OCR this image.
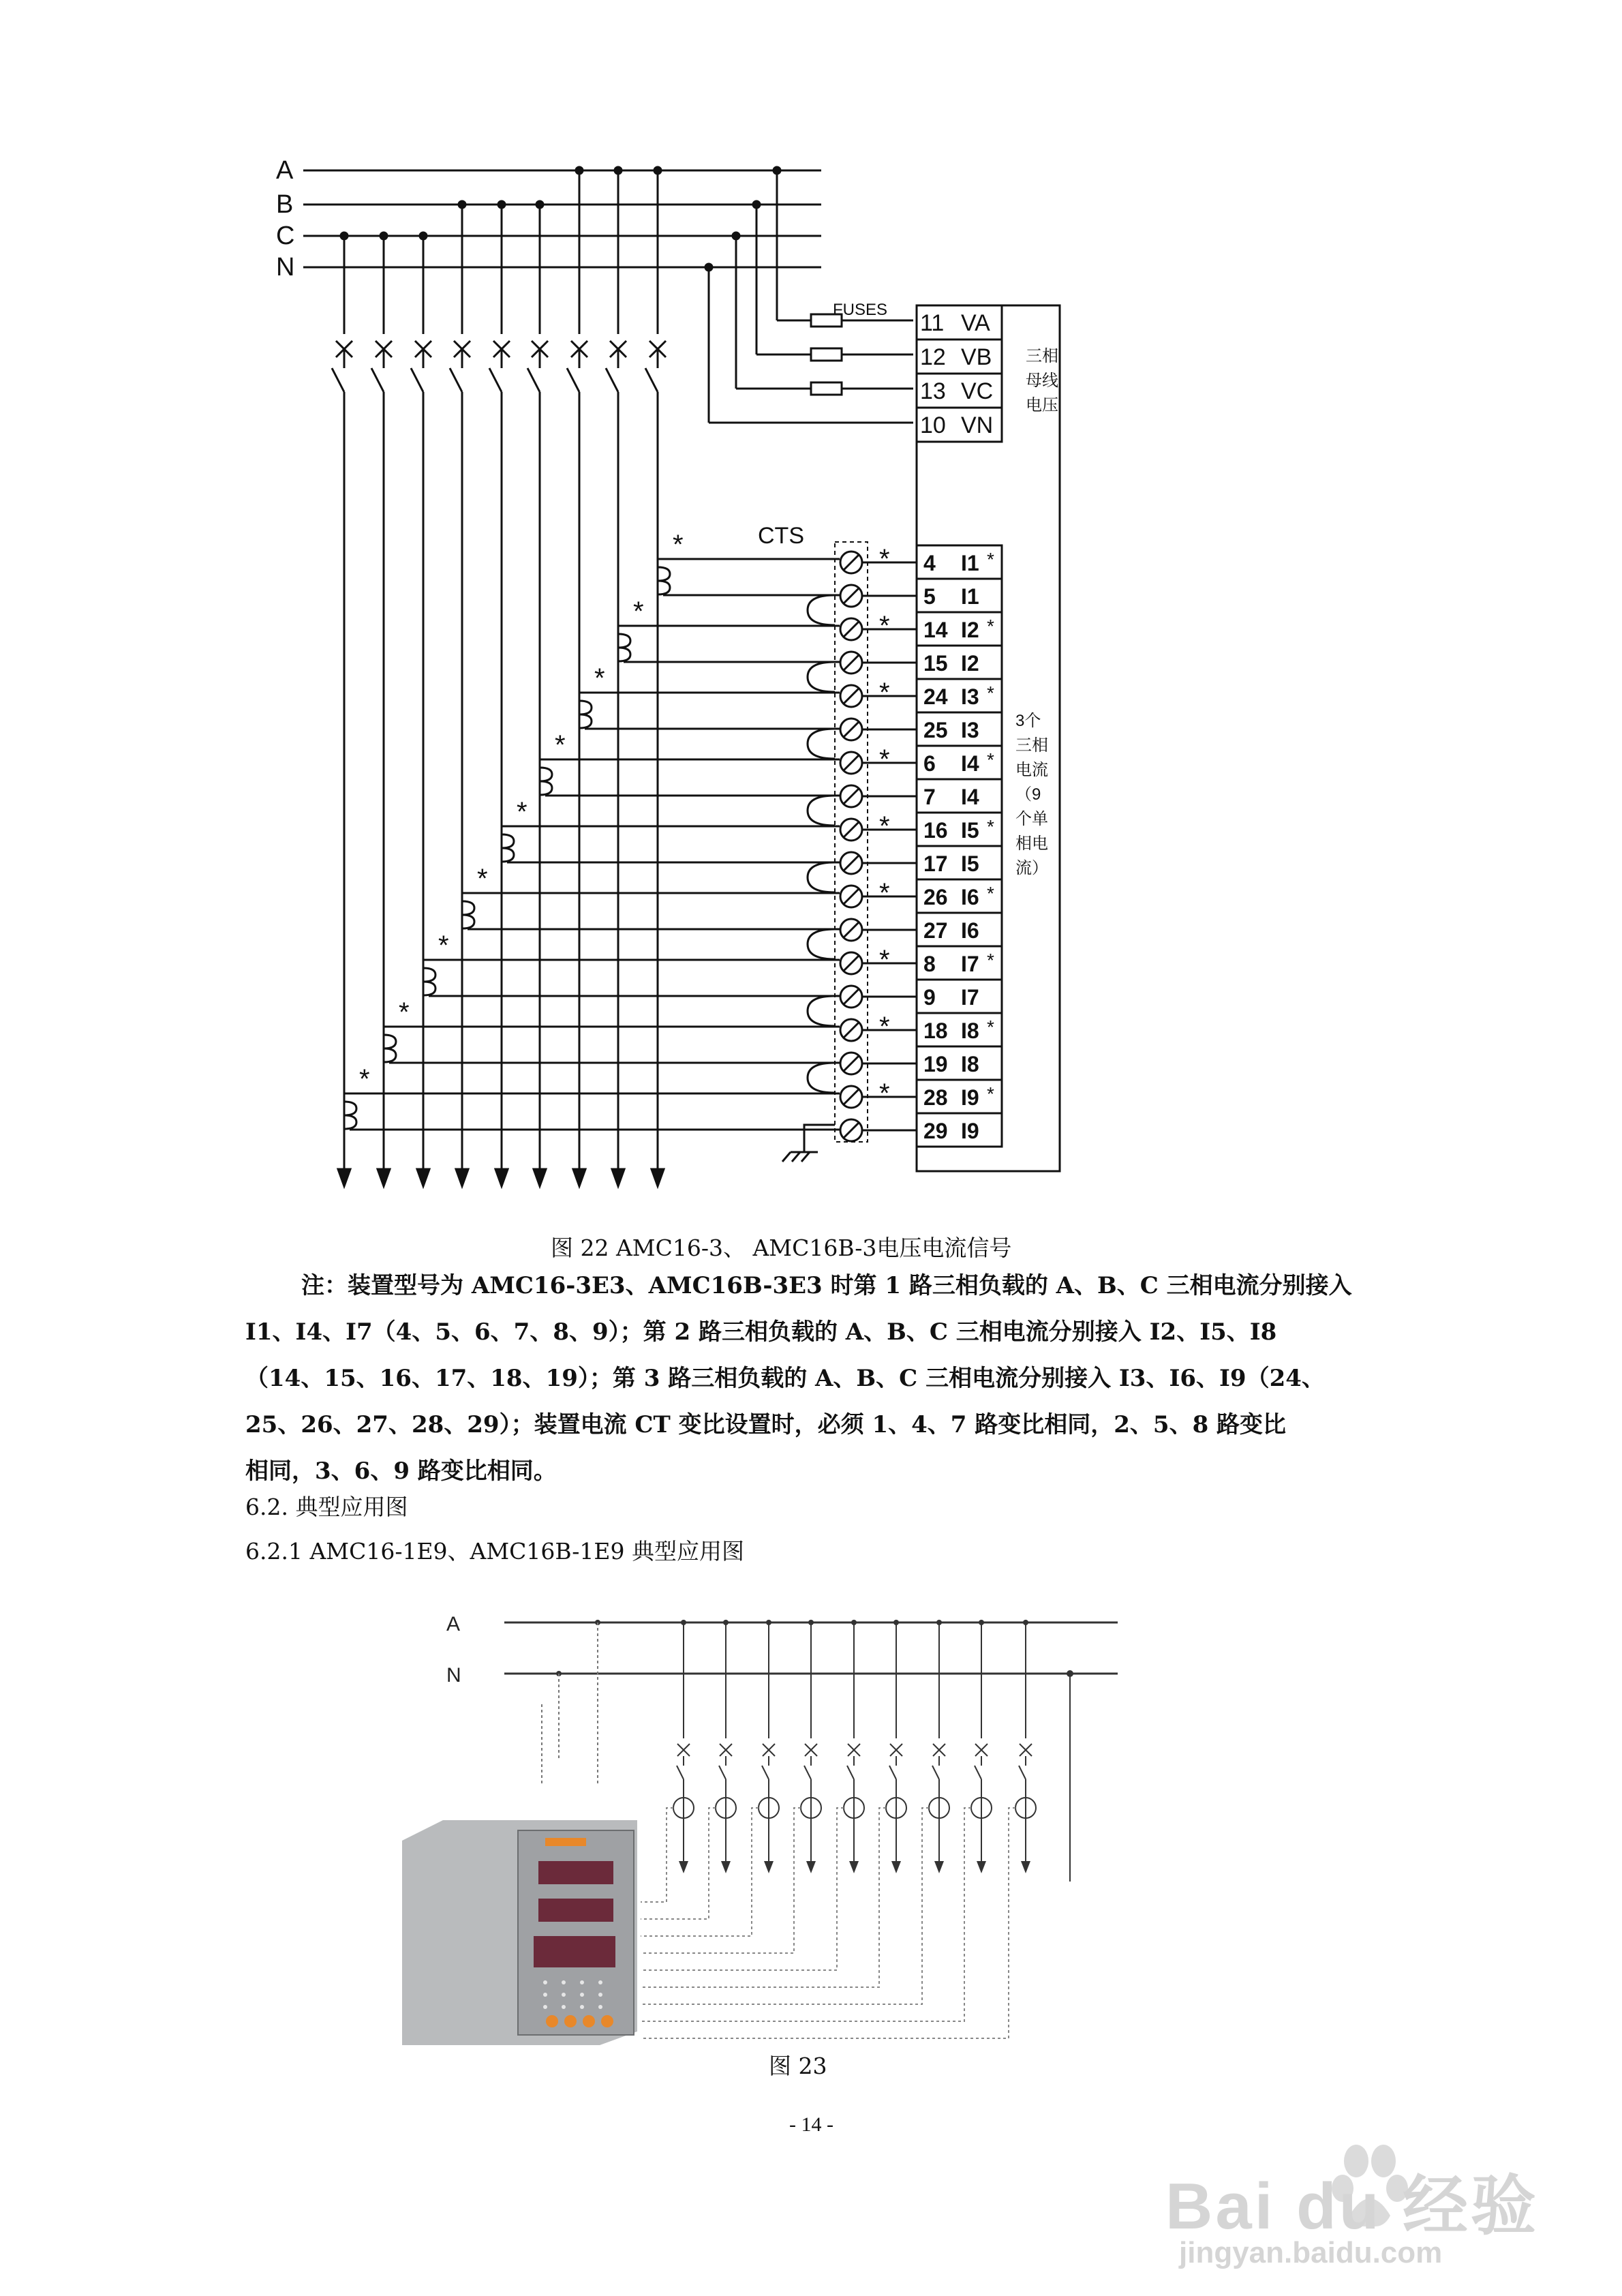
A
B
C
N
FUSES
11 VA
12 VB
13 VC
10 VN
三相
母线
电压
CTS
4 I1 *
*
5 I1
14 I2 *
*
15 I2
24 I3 *
*
25 I3
6 I4 *
*
7 I4
16 I5 *
*
17 I5
26 I6 *
*
27 I6
8 I7 *
*
9 I7
18 I8 *
*
19 I8
28 I9 *
*
29 I9
3个
三相
电流
（9
个单
相电
流）
*
*
*
*
*
*
*
*
*
图 22 AMC16-3、 AMC16B-3电压电流信号
注：装置型号为 AMC16-3E3、AMC16B-3E3 时第 1 路三相负载的 A、B、C 三相电流分别接入
I1、I4、I7（4、5、6、7、8、9）；第 2 路三相负载的 A、B、C 三相电流分别接入 I2、I5、I8
（14、15、16、17、18、19）；第 3 路三相负载的 A、B、C 三相电流分别接入 I3、I6、I9（24、
25、26、27、28、29）；装置电流 CT 变比设置时，必须 1、4、7 路变比相同，2、5、8 路变比
相同，3、6、9 路变比相同。
6.2. 典型应用图
6.2.1 AMC16-1E9、AMC16B-1E9 典型应用图
A
N
图 23
- 14 -
Bai du 经验
jingyan.baidu.com
